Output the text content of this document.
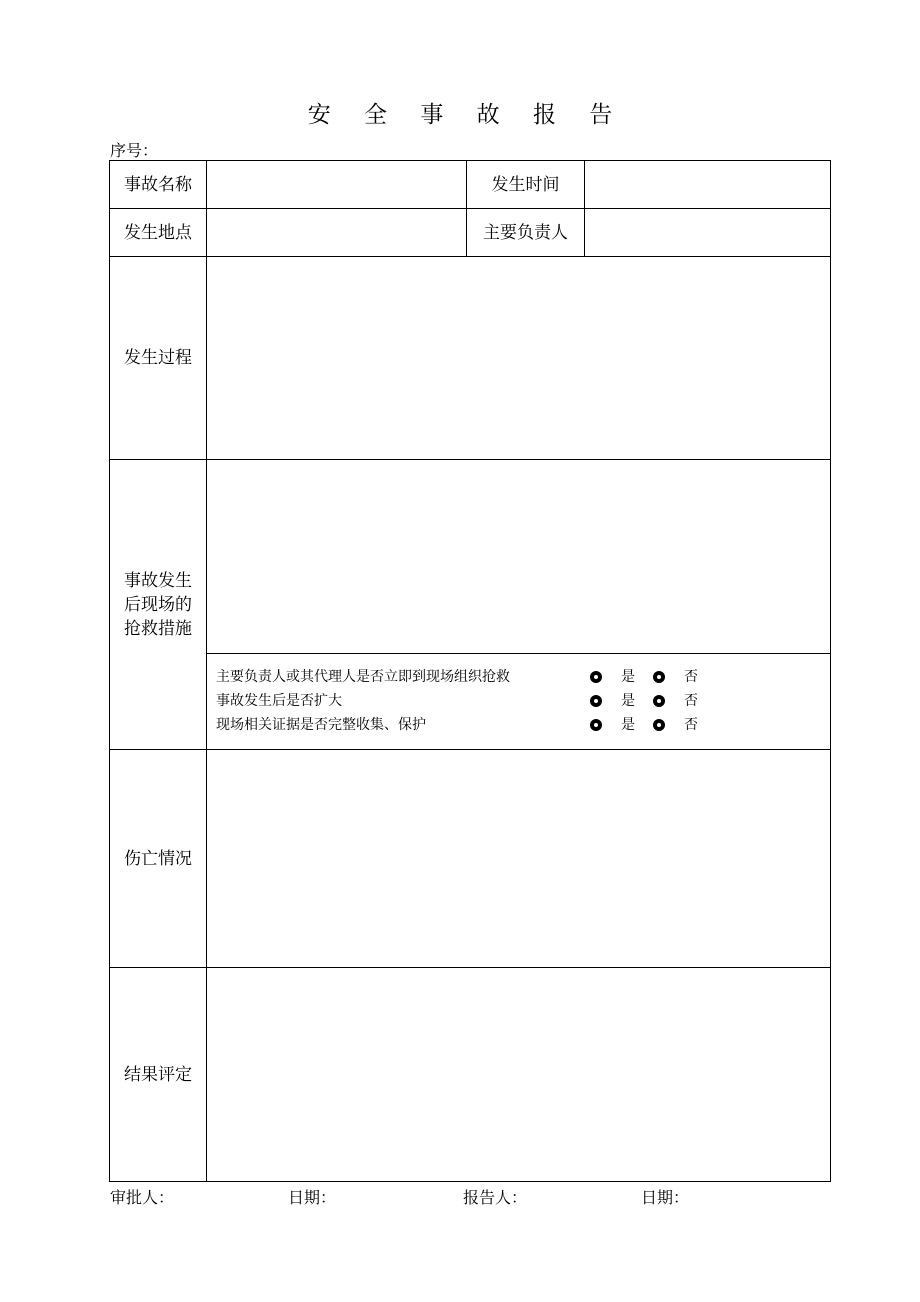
安 全 事 故 报 告
序号：
事故名称	发生时间
发生地点	主要负责人
发生过程
事故发生
后现场的
抢救措施
主要负责人或其代理人是否立即到现场组织抢救	是	否
事故发生后是否扩大	是	否
现场相关证据是否完整收集、保护	是	否
伤亡情况
结果评定
审批人：	日期：	报告人：	日期：
